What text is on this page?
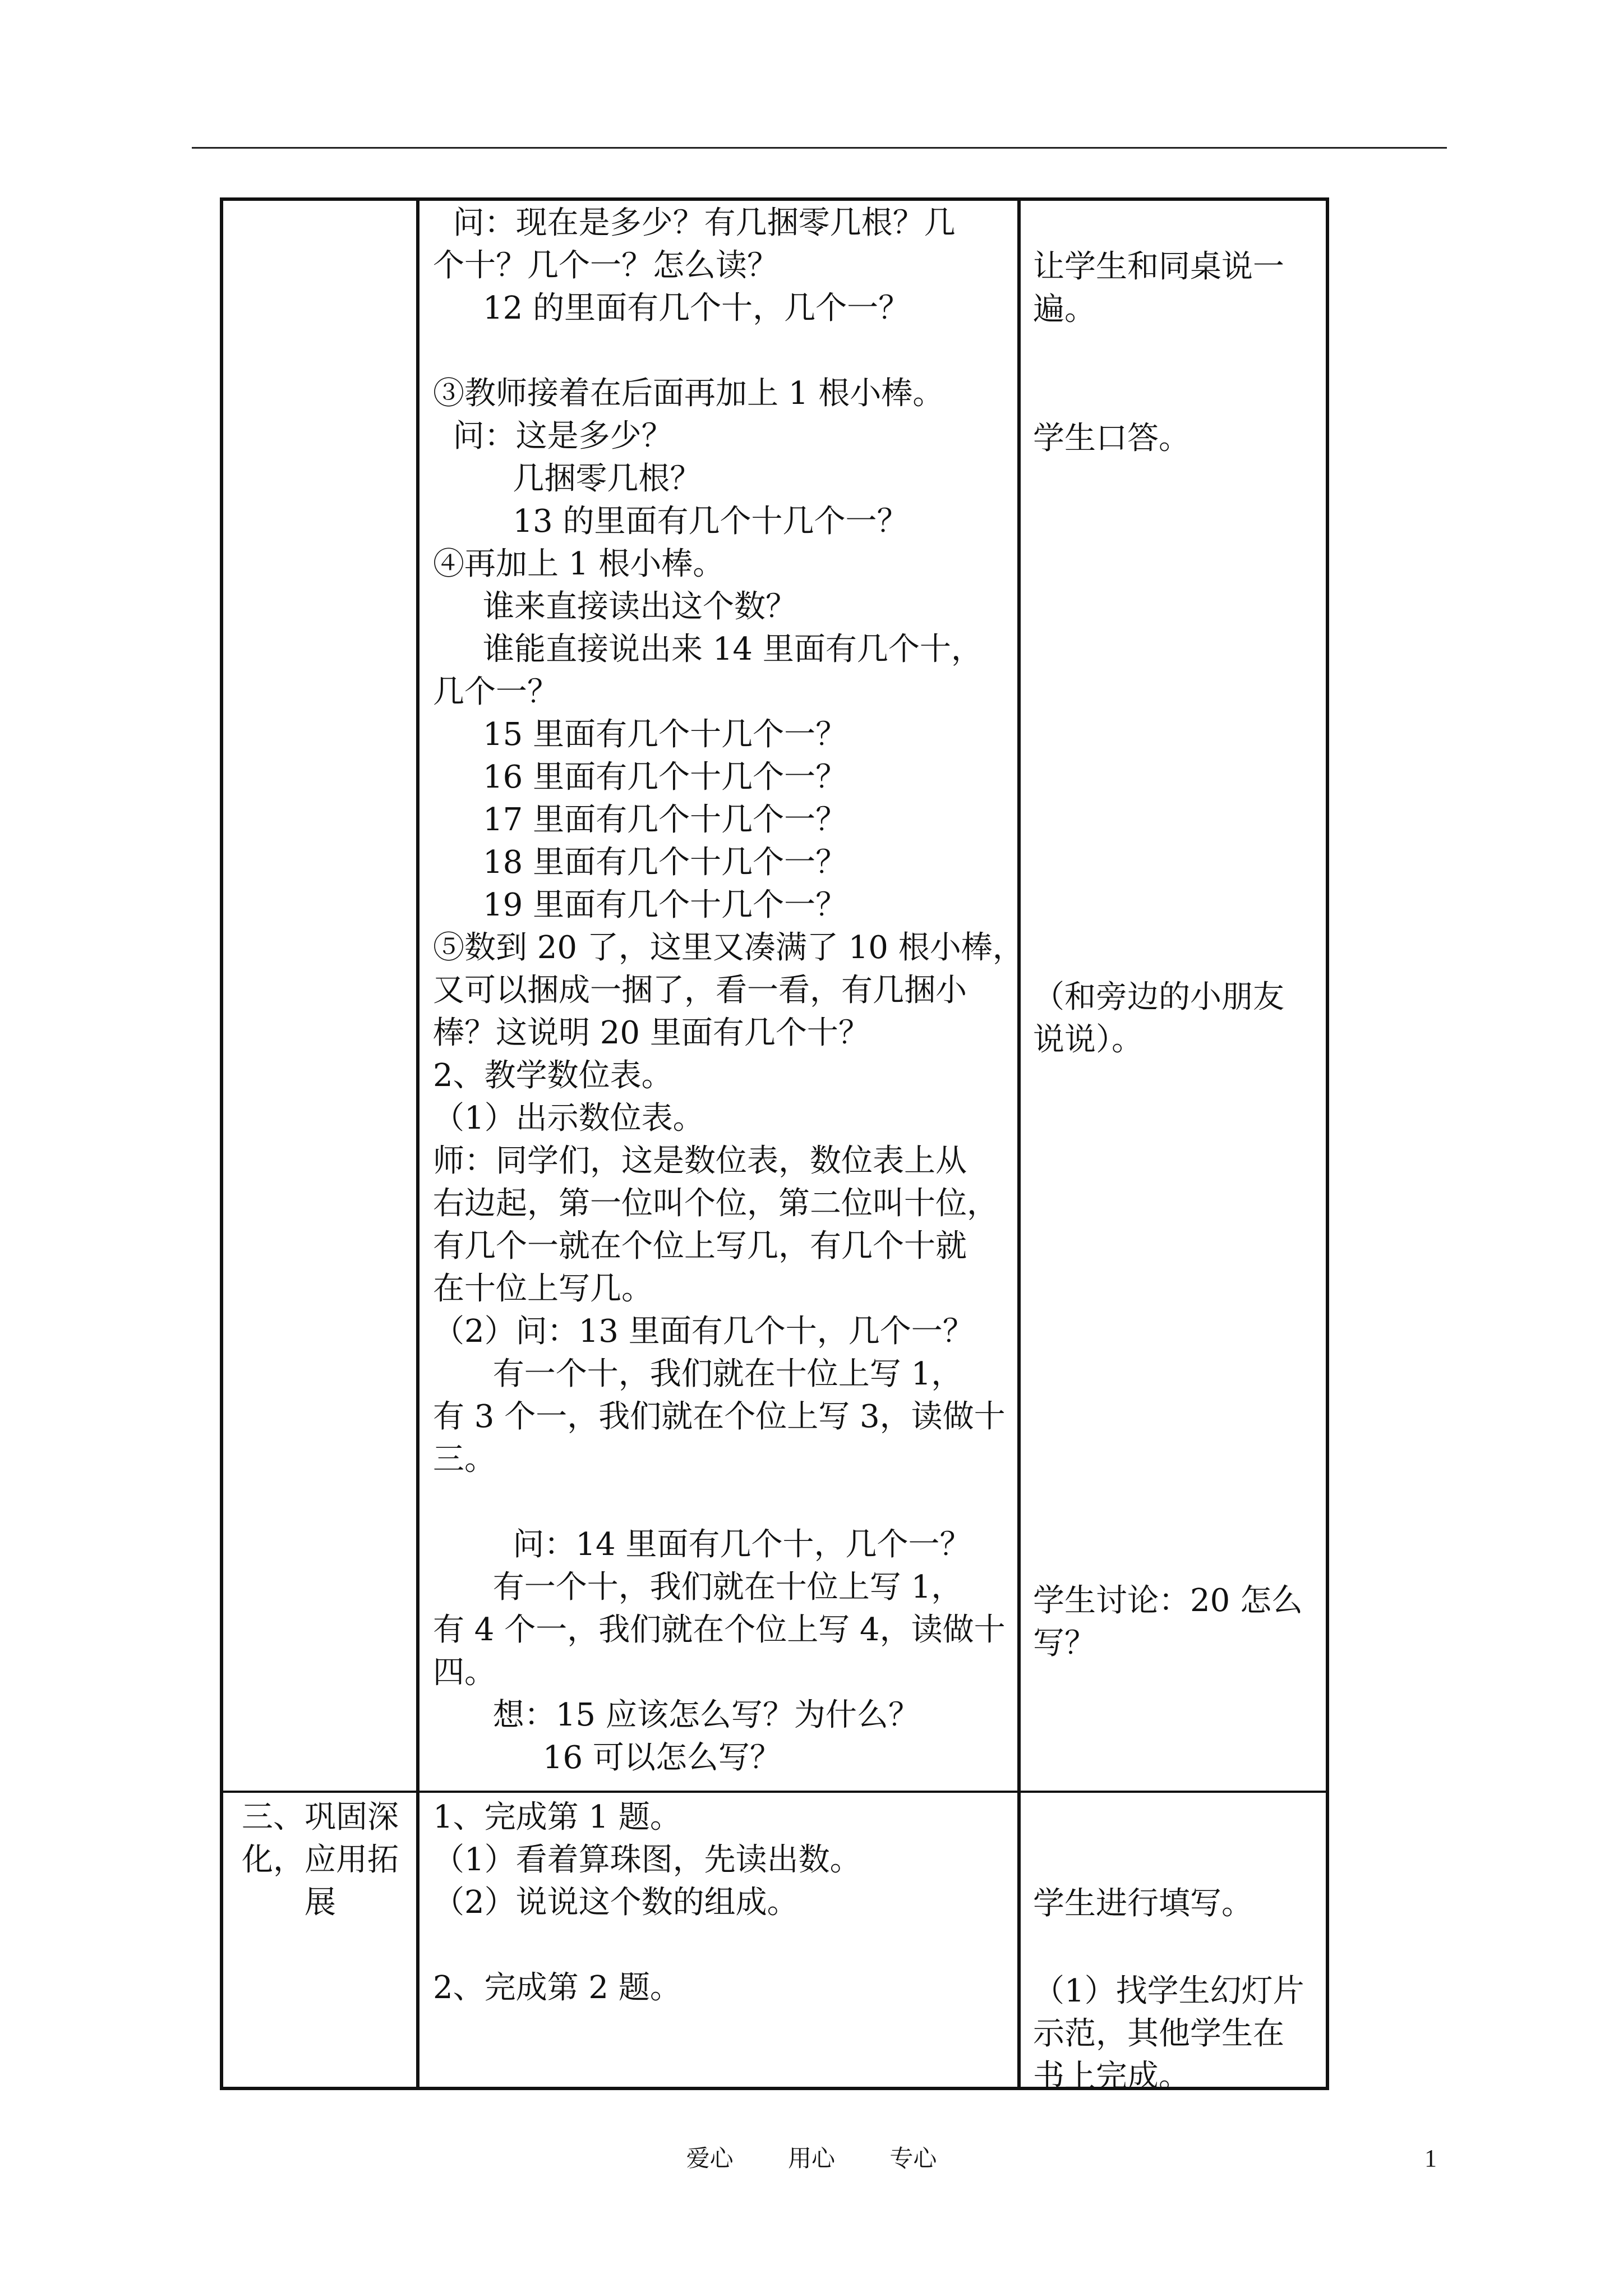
问：现在是多少？有几捆零几根？几
个十？几个一？怎么读？
12 的里面有几个十，几个一？
③教师接着在后面再加上 1 根小棒。
问：这是多少？
几捆零几根？
13 的里面有几个十几个一？
④再加上 1 根小棒。
谁来直接读出这个数？
谁能直接说出来 14 里面有几个十，
几个一？
15 里面有几个十几个一？
16 里面有几个十几个一？
17 里面有几个十几个一？
18 里面有几个十几个一？
19 里面有几个十几个一？
⑤数到 20 了，这里又凑满了 10 根小棒，
又可以捆成一捆了，看一看，有几捆小
棒？这说明 20 里面有几个十？
2、教学数位表。
（1）出示数位表。
师：同学们，这是数位表，数位表上从
右边起，第一位叫个位，第二位叫十位，
有几个一就在个位上写几，有几个十就
在十位上写几。
（2）问：13 里面有几个十，几个一？
有一个十，我们就在十位上写 1，
有 3 个一，我们就在个位上写 3，读做十
三。
问：14 里面有几个十，几个一？
有一个十，我们就在十位上写 1，
有 4 个一，我们就在个位上写 4，读做十
四。
想：15 应该怎么写？为什么？
16 可以怎么写？
三、巩固深
化，应用拓
展
1、完成第 1 题。
（1）看着算珠图，先读出数。
（2）说说这个数的组成。
2、完成第 2 题。
让学生和同桌说一
遍。
学生口答。
（和旁边的小朋友
说说）。
学生讨论：20 怎么
写？
学生进行填写。
（1）找学生幻灯片
示范，其他学生在
书上完成。
爱心 用心 专心	1
